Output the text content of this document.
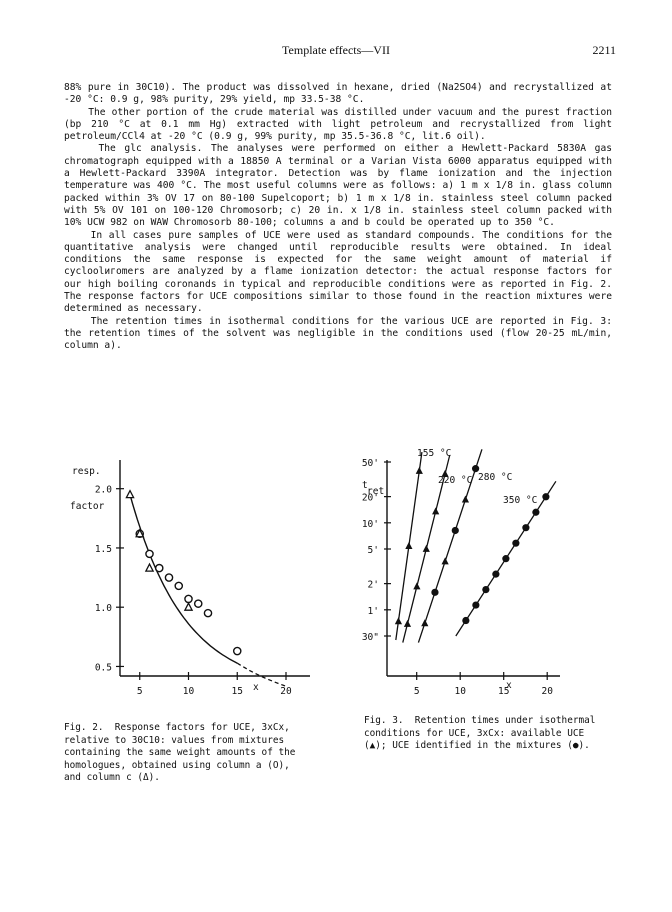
Template effects—VII	2211

88% pure in 30C10). The product was dissolved in hexane, dried (Na2SO4) and recrystallized at -20 °C: 0.9 g, 98% purity, 29% yield, mp 33.5-38 °C.

The other portion of the crude material was distilled under vacuum and the purest fraction (bp 210 °C at 0.1 mm Hg) extracted with light petroleum and recrystallized from light petroleum/CCl4 at -20 °C (0.9 g, 99% purity, mp 35.5-36.8 °C, lit.6 oil).

The glc analysis. The analyses were performed on either a Hewlett-Packard 5830A gas chromatograph equipped with a 18850 A terminal or a Varian Vista 6000 apparatus equipped with a Hewlett-Packard 3390A integrator. Detection was by flame ionization and the injection temperature was 400 °C. The most useful columns were as follows: a) 1 m x 1/8 in. glass column packed within 3% OV 17 on 80-100 Supelcoport; b) 1 m x 1/8 in. stainless steel column packed with 5% OV 101 on 100-120 Chromosorb; c) 20 in. x 1/8 in. stainless steel column packed with 10% UCW 982 on WAW Chromosorb 80-100; columns a and b could be operated up to 350 °C.

In all cases pure samples of UCE were used as standard compounds. The conditions for the quantitative analysis were changed until reproducible results were obtained. In ideal conditions the same response is expected for the same weight amount of material if cycloolигomers are analyzed by a flame ionization detector: the actual response factors for our high boiling coronands in typical and reproducible conditions were as reported in Fig. 2. The response factors for UCE compositions similar to those found in the reaction mixtures were determined as necessary.

The retention times in isothermal conditions for the various UCE are reported in Fig. 3: the retention times of the solvent was negligible in the conditions used (flow 20-25 mL/min, column a).

resp.
factor
x
2.0
1.5
1.0
0.5
5	10	15	20
Fig. 2.  Response factors for UCE, 3xCx,
relative to 30C10: values from mixtures
containing the same weight amounts of the
homologues, obtained using column a (O),
and column c (Δ).
t
ret
x
50'
20'
10'
5'
2'
1'
30"
5	10	15	20
155 °C
220 °C 280 °C
350 °C
Fig. 3.  Retention times under isothermal
conditions for UCE, 3xCx: available UCE
(▲); UCE identified in the mixtures (●).
